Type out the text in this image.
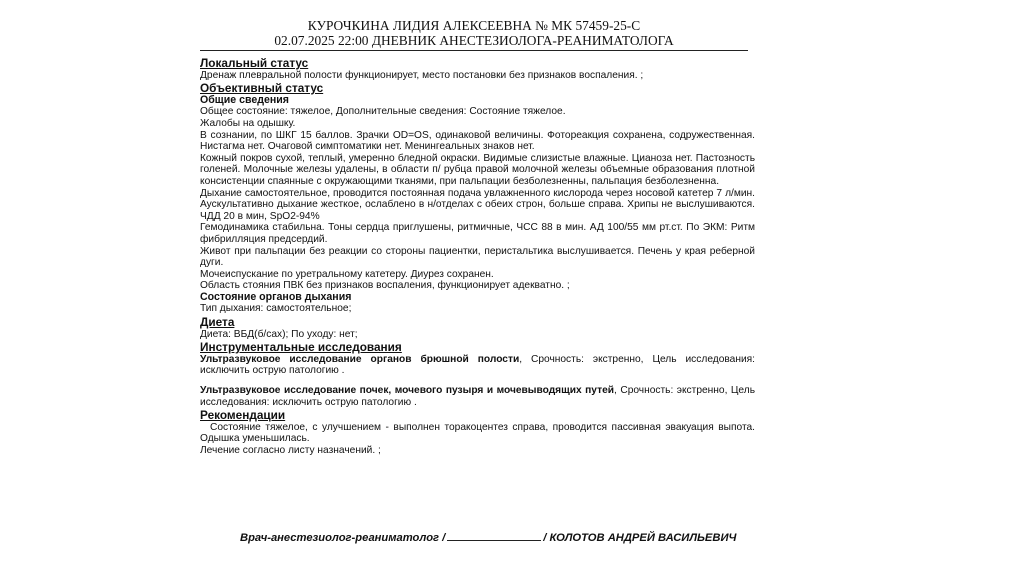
КУРОЧКИНА ЛИДИЯ АЛЕКСЕЕВНА № МК 57459-25-С
02.07.2025 22:00 ДНЕВНИК АНЕСТЕЗИОЛОГА-РЕАНИМАТОЛОГА
Локальный статус

Дренаж плевральной полости функционирует, место постановки без признаков воспаления. ;

Объективный статус
Общие сведения

Общее состояние: тяжелое, Дополнительные сведения: Состояние тяжелое.

Жалобы на одышку.

В сознании, по ШКГ 15 баллов. Зрачки OD=OS, одинаковой величины. Фотореакция сохранена, содружественная. Нистагма нет. Очаговой симптоматики нет. Менингеальных знаков нет.

Кожный покров сухой, теплый, умеренно бледной окраски. Видимые слизистые влажные. Цианоза нет. Пастозность голеней. Молочные железы удалены, в области п/ рубца правой молочной железы объемные образования плотной консистенции спаянные с окружающими тканями, при пальпации безболезненны, пальпация безболезненна.

Дыхание самостоятельное, проводится постоянная подача увлажненного кислорода через носовой катетер 7 л/мин. Аускультативно дыхание жесткое, ослаблено в н/отделах с обеих строн, больше справа. Хрипы не выслушиваются. ЧДД 20 в мин, SpO2-94%

Гемодинамика стабильна. Тоны сердца приглушены, ритмичные, ЧСС 88 в мин. АД 100/55 мм рт.ст. По ЭКМ: Ритм фибрилляция предсердий.

Живот при пальпации без реакции со стороны пациентки, перистальтика выслушивается. Печень у края реберной дуги.

Мочеиспускание по уретральному катетеру. Диурез сохранен.

Область стояния ПВК без признаков воспаления, функционирует адекватно. ;

Состояние органов дыхания

Тип дыхания: самостоятельное;

Диета

Диета: ВБД(б/сах); По уходу: нет;

Инструментальные исследования

Ультразвуковое исследование органов брюшной полости, Срочность: экстренно, Цель исследования: исключить острую патологию .

Ультразвуковое исследование почек, мочевого пузыря и мочевыводящих путей, Срочность: экстренно, Цель исследования: исключить острую патологию .

Рекомендации

Состояние тяжелое, с улучшением - выполнен торакоцентез справа, проводится пассивная эвакуация выпота. Одышка уменьшилась.

Лечение согласно листу назначений. ;

Врач-анестезиолог-реаниматолог /	/ КОЛОТОВ АНДРЕЙ ВАСИЛЬЕВИЧ
